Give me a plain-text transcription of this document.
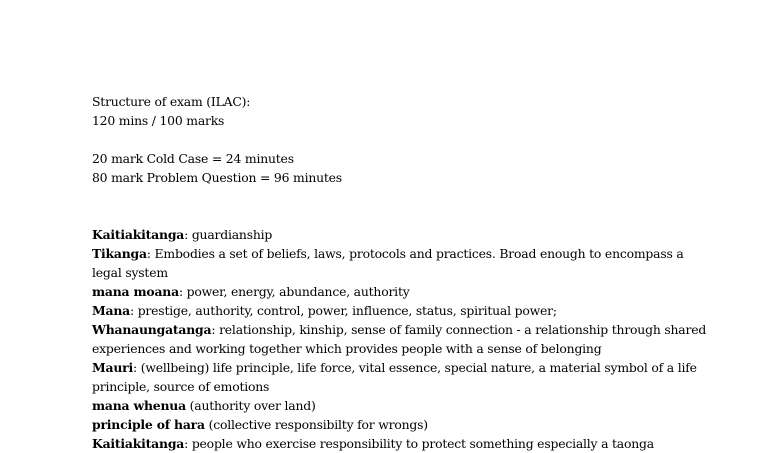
Structure of exam (ILAC):
120 mins / 100 marks
20 mark Cold Case = 24 minutes
80 mark Problem Question = 96 minutes
Kaitiakitanga: guardianship
Tikanga: Embodies a set of beliefs, laws, protocols and practices. Broad enough to encompass a legal system
mana moana: power, energy, abundance, authority
Mana: prestige, authority, control, power, influence, status, spiritual power;
Whanaungatanga: relationship, kinship, sense of family connection - a relationship through shared experiences and working together which provides people with a sense of belonging
Mauri: (wellbeing) life principle, life force, vital essence, special nature, a material symbol of a life principle, source of emotions
mana whenua (authority over land)
principle of hara (collective responsibilty for wrongs)
Kaitiakitanga: people who exercise responsibility to protect something especially a taonga
